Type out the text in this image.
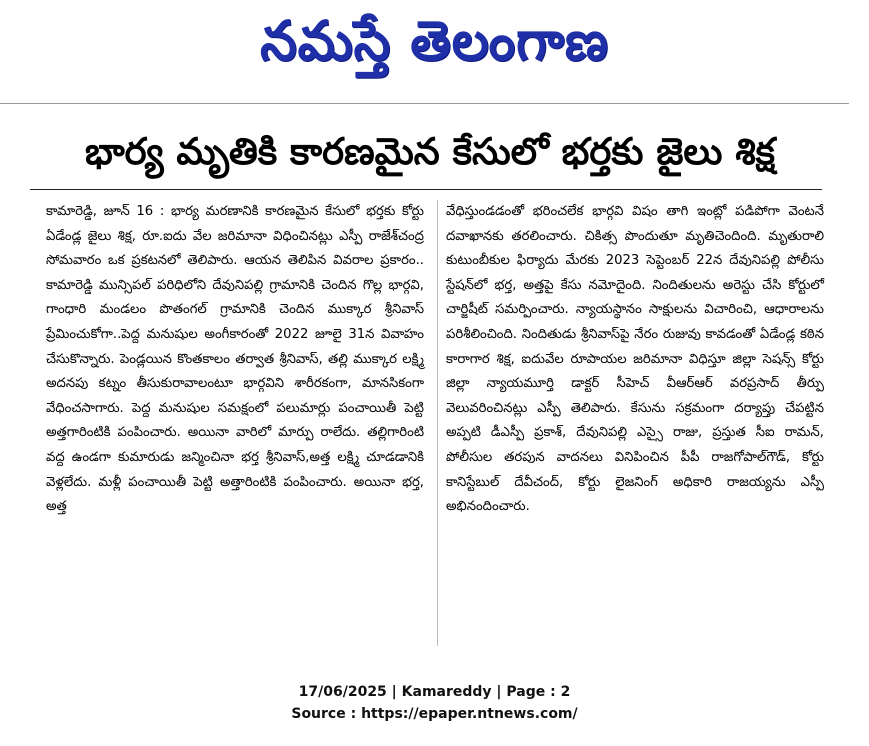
నమస్తే తెలంగాణ
భార్య మృతికి కారణమైన కేసులో భర్తకు జైలు శిక్ష

కామారెడ్డి, జూన్ 16 : భార్య మరణానికి కారణమైన కేసులో భర్తకు కోర్టు ఏడేండ్ల జైలు శిక్ష, రూ.ఐదు వేల జరిమానా విధించినట్లు ఎస్పీ రాజేశ్‌చంద్ర సోమవారం ఒక ప్రకటనలో తెలిపారు. ఆయన తెలిపిన వివరాల ప్రకారం.. కామారెడ్డి మున్సిపల్ పరిధిలోని దేవునిపల్లి గ్రామానికి చెందిన గొల్ల భార్గవి, గాంధారి మండలం పొతంగల్ గ్రామానికి చెందిన ముక్కార శ్రీనివాస్ ప్రేమించుకోగా..పెద్ద మనుషుల అంగీకారంతో 2022 జూలై 31న వివాహం చేసుకొన్నారు. పెండ్లయిన కొంతకాలం తర్వాత శ్రీనివాస్, తల్లి ముక్కార లక్ష్మి అదనపు కట్నం తీసుకురావాలంటూ భార్గవిని శారీరకంగా, మానసికంగా వేధించసాగారు. పెద్ద మనుషుల సమక్షంలో పలుమార్లు పంచాయితీ పెట్టి అత్తగారింటికి పంపించారు. అయినా వారిలో మార్పు రాలేదు. తల్లిగారింటి వద్ద ఉండగా కుమారుడు జన్మించినా భర్త శ్రీనివాస్,అత్త లక్ష్మి చూడడానికి వెళ్లలేదు. మళ్లీ పంచాయితీ పెట్టి అత్తారింటికి పంపించారు. అయినా భర్త, అత్త

వేధిస్తుండడంతో భరించలేక భార్గవి విషం తాగి ఇంట్లో పడిపోగా వెంటనే దవాఖానకు తరలించారు. చికిత్స పొందుతూ మృతిచెందింది. మృతురాలి కుటుంబీకుల ఫిర్యాదు మేరకు 2023 సెప్టెంబర్ 22న దేవునిపల్లి పోలీసు స్టేషన్‌లో భర్త, అత్తపై కేసు నమోదైంది. నిందితులను అరెస్టు చేసి కోర్టులో చార్జిషీట్ సమర్పించారు. న్యాయస్థానం సాక్షులను విచారించి, ఆధారాలను పరిశీలించింది. నిందితుడు శ్రీనివాస్‌పై నేరం రుజువు కావడంతో ఏడేండ్ల కఠిన కారాగార శిక్ష, ఐదువేల రూపాయల జరిమానా విధిస్తూ జిల్లా సెషన్స్ కోర్టు జిల్లా న్యాయమూర్తి డాక్టర్ సీహెచ్ వీఆర్ఆర్ వరప్రసాద్ తీర్పు వెలువరించినట్లు ఎస్పీ తెలిపారు. కేసును సక్రమంగా దర్యాప్తు చేపట్టిన అప్పటి డీఎస్పీ ప్రకాశ్, దేవునిపల్లి ఎస్సై రాజు, ప్రస్తుత సీఐ రామన్, పోలీసుల తరపున వాదనలు వినిపించిన పీపీ రాజగోపాల్‌గౌడ్, కోర్టు కానిస్టేబుల్ దేవీచంద్, కోర్టు లైజనింగ్ అధికారి రాజయ్యను ఎస్పీ అభినందించారు.

17/06/2025 | Kamareddy | Page : 2
Source : https://epaper.ntnews.com/
